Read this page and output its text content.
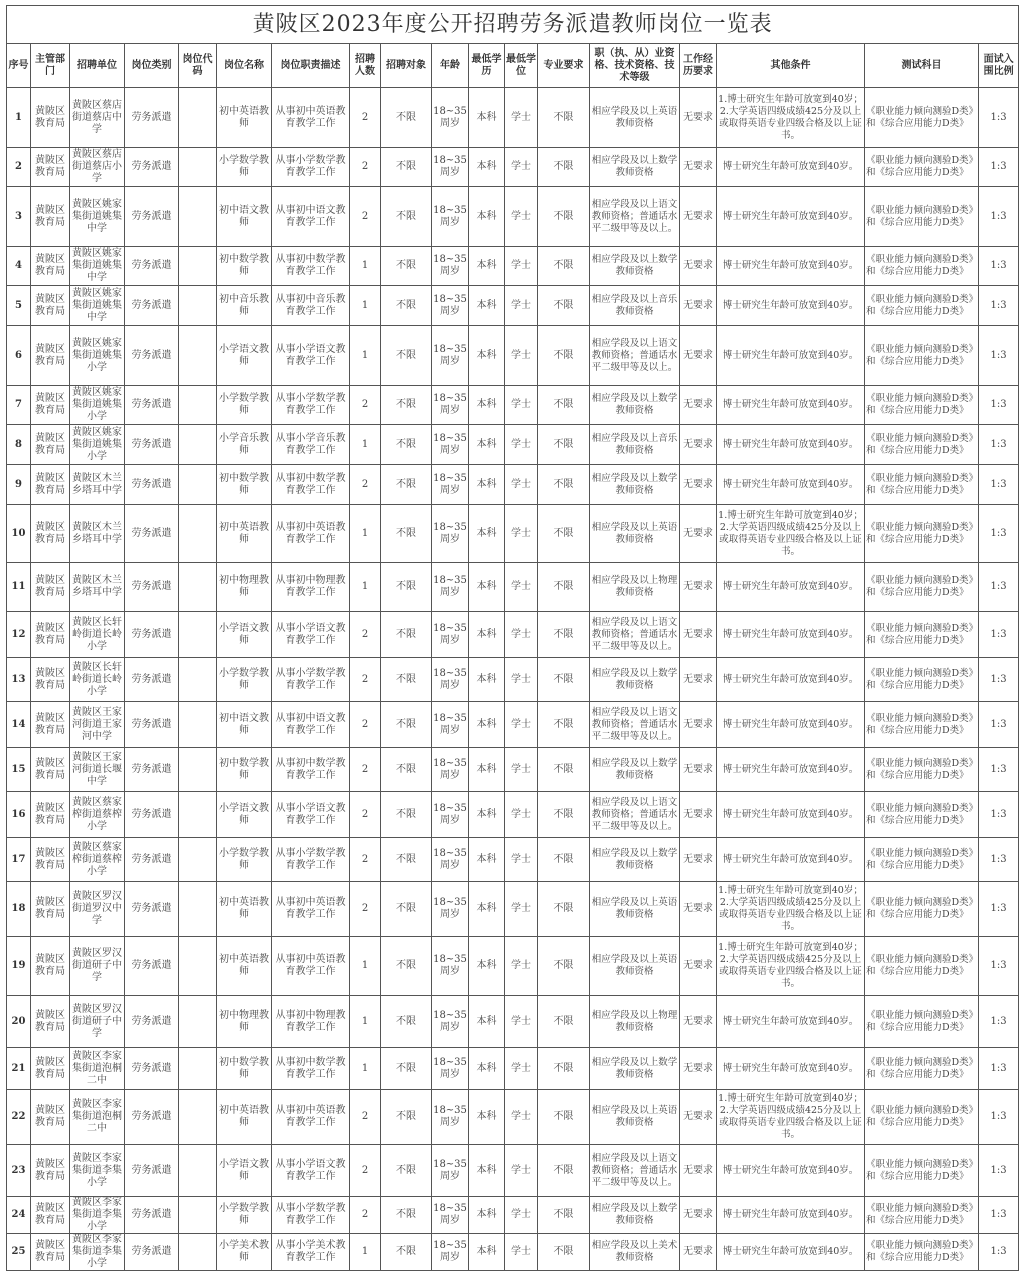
黄陂区2023年度公开招聘劳务派遣教师岗位一览表																	
序号	主管部门	招聘单位	岗位类别	岗位代码	岗位名称	岗位职责描述	招聘人数	招聘对象	年龄	最低学历	最低学位	专业要求	职（执、从）业资格、技术资格、技术等级	工作经历要求	其他条件	测试科目	面试入围比例
1	黄陂区教育局	黄陂区蔡店街道蔡店中学	劳务派遣		初中英语教师	从事初中英语教育教学工作	2	不限	18~35周岁	本科	学士	不限	相应学段及以上英语教师资格	无要求	1.博士研究生年龄可放宽到40岁；2.大学英语四级成绩425分及以上或取得英语专业四级合格及以上证书。	《职业能力倾向测验D类》和《综合应用能力D类》	1:3
2	黄陂区教育局	黄陂区蔡店街道蔡店小学	劳务派遣		小学数学教师	从事小学数学教育教学工作	2	不限	18~35周岁	本科	学士	不限	相应学段及以上数学教师资格	无要求	博士研究生年龄可放宽到40岁。	《职业能力倾向测验D类》和《综合应用能力D类》	1:3
3	黄陂区教育局	黄陂区姚家集街道姚集中学	劳务派遣		初中语文教师	从事初中语文教育教学工作	2	不限	18~35周岁	本科	学士	不限	相应学段及以上语文教师资格；普通话水平二级甲等及以上。	无要求	博士研究生年龄可放宽到40岁。	《职业能力倾向测验D类》和《综合应用能力D类》	1:3
4	黄陂区教育局	黄陂区姚家集街道姚集中学	劳务派遣		初中数学教师	从事初中数学教育教学工作	1	不限	18~35周岁	本科	学士	不限	相应学段及以上数学教师资格	无要求	博士研究生年龄可放宽到40岁。	《职业能力倾向测验D类》和《综合应用能力D类》	1:3
5	黄陂区教育局	黄陂区姚家集街道姚集中学	劳务派遣		初中音乐教师	从事初中音乐教育教学工作	1	不限	18~35周岁	本科	学士	不限	相应学段及以上音乐教师资格	无要求	博士研究生年龄可放宽到40岁。	《职业能力倾向测验D类》和《综合应用能力D类》	1:3
6	黄陂区教育局	黄陂区姚家集街道姚集小学	劳务派遣		小学语文教师	从事小学语文教育教学工作	1	不限	18~35周岁	本科	学士	不限	相应学段及以上语文教师资格；普通话水平二级甲等及以上。	无要求	博士研究生年龄可放宽到40岁。	《职业能力倾向测验D类》和《综合应用能力D类》	1:3
7	黄陂区教育局	黄陂区姚家集街道姚集小学	劳务派遣		小学数学教师	从事小学数学教育教学工作	2	不限	18~35周岁	本科	学士	不限	相应学段及以上数学教师资格	无要求	博士研究生年龄可放宽到40岁。	《职业能力倾向测验D类》和《综合应用能力D类》	1:3
8	黄陂区教育局	黄陂区姚家集街道姚集小学	劳务派遣		小学音乐教师	从事小学音乐教育教学工作	1	不限	18~35周岁	本科	学士	不限	相应学段及以上音乐教师资格	无要求	博士研究生年龄可放宽到40岁。	《职业能力倾向测验D类》和《综合应用能力D类》	1:3
9	黄陂区教育局	黄陂区木兰乡塔耳中学	劳务派遣		初中数学教师	从事初中数学教育教学工作	2	不限	18~35周岁	本科	学士	不限	相应学段及以上数学教师资格	无要求	博士研究生年龄可放宽到40岁。	《职业能力倾向测验D类》和《综合应用能力D类》	1:3
10	黄陂区教育局	黄陂区木兰乡塔耳中学	劳务派遣		初中英语教师	从事初中英语教育教学工作	1	不限	18~35周岁	本科	学士	不限	相应学段及以上英语教师资格	无要求	1.博士研究生年龄可放宽到40岁；2.大学英语四级成绩425分及以上或取得英语专业四级合格及以上证书。	《职业能力倾向测验D类》和《综合应用能力D类》	1:3
11	黄陂区教育局	黄陂区木兰乡塔耳中学	劳务派遣		初中物理教师	从事初中物理教育教学工作	1	不限	18~35周岁	本科	学士	不限	相应学段及以上物理教师资格	无要求	博士研究生年龄可放宽到40岁。	《职业能力倾向测验D类》和《综合应用能力D类》	1:3
12	黄陂区教育局	黄陂区长轩岭街道长岭小学	劳务派遣		小学语文教师	从事小学语文教育教学工作	2	不限	18~35周岁	本科	学士	不限	相应学段及以上语文教师资格；普通话水平二级甲等及以上。	无要求	博士研究生年龄可放宽到40岁。	《职业能力倾向测验D类》和《综合应用能力D类》	1:3
13	黄陂区教育局	黄陂区长轩岭街道长岭小学	劳务派遣		小学数学教师	从事小学数学教育教学工作	2	不限	18~35周岁	本科	学士	不限	相应学段及以上数学教师资格	无要求	博士研究生年龄可放宽到40岁。	《职业能力倾向测验D类》和《综合应用能力D类》	1:3
14	黄陂区教育局	黄陂区王家河街道王家河中学	劳务派遣		初中语文教师	从事初中语文教育教学工作	2	不限	18~35周岁	本科	学士	不限	相应学段及以上语文教师资格；普通话水平二级甲等及以上。	无要求	博士研究生年龄可放宽到40岁。	《职业能力倾向测验D类》和《综合应用能力D类》	1:3
15	黄陂区教育局	黄陂区王家河街道长堰中学	劳务派遣		初中数学教师	从事初中数学教育教学工作	2	不限	18~35周岁	本科	学士	不限	相应学段及以上数学教师资格	无要求	博士研究生年龄可放宽到40岁。	《职业能力倾向测验D类》和《综合应用能力D类》	1:3
16	黄陂区教育局	黄陂区蔡家榨街道蔡榨小学	劳务派遣		小学语文教师	从事小学语文教育教学工作	2	不限	18~35周岁	本科	学士	不限	相应学段及以上语文教师资格；普通话水平二级甲等及以上。	无要求	博士研究生年龄可放宽到40岁。	《职业能力倾向测验D类》和《综合应用能力D类》	1:3
17	黄陂区教育局	黄陂区蔡家榨街道蔡榨小学	劳务派遣		小学数学教师	从事小学数学教育教学工作	2	不限	18~35周岁	本科	学士	不限	相应学段及以上数学教师资格	无要求	博士研究生年龄可放宽到40岁。	《职业能力倾向测验D类》和《综合应用能力D类》	1:3
18	黄陂区教育局	黄陂区罗汉街道罗汉中学	劳务派遣		初中英语教师	从事初中英语教育教学工作	2	不限	18~35周岁	本科	学士	不限	相应学段及以上英语教师资格	无要求	1.博士研究生年龄可放宽到40岁；2.大学英语四级成绩425分及以上或取得英语专业四级合格及以上证书。	《职业能力倾向测验D类》和《综合应用能力D类》	1:3
19	黄陂区教育局	黄陂区罗汉街道研子中学	劳务派遣		初中英语教师	从事初中英语教育教学工作	1	不限	18~35周岁	本科	学士	不限	相应学段及以上英语教师资格	无要求	1.博士研究生年龄可放宽到40岁；2.大学英语四级成绩425分及以上或取得英语专业四级合格及以上证书。	《职业能力倾向测验D类》和《综合应用能力D类》	1:3
20	黄陂区教育局	黄陂区罗汉街道研子中学	劳务派遣		初中物理教师	从事初中物理教育教学工作	1	不限	18~35周岁	本科	学士	不限	相应学段及以上物理教师资格	无要求	博士研究生年龄可放宽到40岁。	《职业能力倾向测验D类》和《综合应用能力D类》	1:3
21	黄陂区教育局	黄陂区李家集街道泡桐二中	劳务派遣		初中数学教师	从事初中数学教育教学工作	1	不限	18~35周岁	本科	学士	不限	相应学段及以上数学教师资格	无要求	博士研究生年龄可放宽到40岁。	《职业能力倾向测验D类》和《综合应用能力D类》	1:3
22	黄陂区教育局	黄陂区李家集街道泡桐二中	劳务派遣		初中英语教师	从事初中英语教育教学工作	2	不限	18~35周岁	本科	学士	不限	相应学段及以上英语教师资格	无要求	1.博士研究生年龄可放宽到40岁；2.大学英语四级成绩425分及以上或取得英语专业四级合格及以上证书。	《职业能力倾向测验D类》和《综合应用能力D类》	1:3
23	黄陂区教育局	黄陂区李家集街道李集小学	劳务派遣		小学语文教师	从事小学语文教育教学工作	2	不限	18~35周岁	本科	学士	不限	相应学段及以上语文教师资格；普通话水平二级甲等及以上。	无要求	博士研究生年龄可放宽到40岁。	《职业能力倾向测验D类》和《综合应用能力D类》	1:3
24	黄陂区教育局	黄陂区李家集街道李集小学	劳务派遣		小学数学教师	从事小学数学教育教学工作	2	不限	18~35周岁	本科	学士	不限	相应学段及以上数学教师资格	无要求	博士研究生年龄可放宽到40岁。	《职业能力倾向测验D类》和《综合应用能力D类》	1:3
25	黄陂区教育局	黄陂区李家集街道李集小学	劳务派遣		小学美术教师	从事小学美术教育教学工作	1	不限	18~35周岁	本科	学士	不限	相应学段及以上美术教师资格	无要求	博士研究生年龄可放宽到40岁。	《职业能力倾向测验D类》和《综合应用能力D类》	1:3
